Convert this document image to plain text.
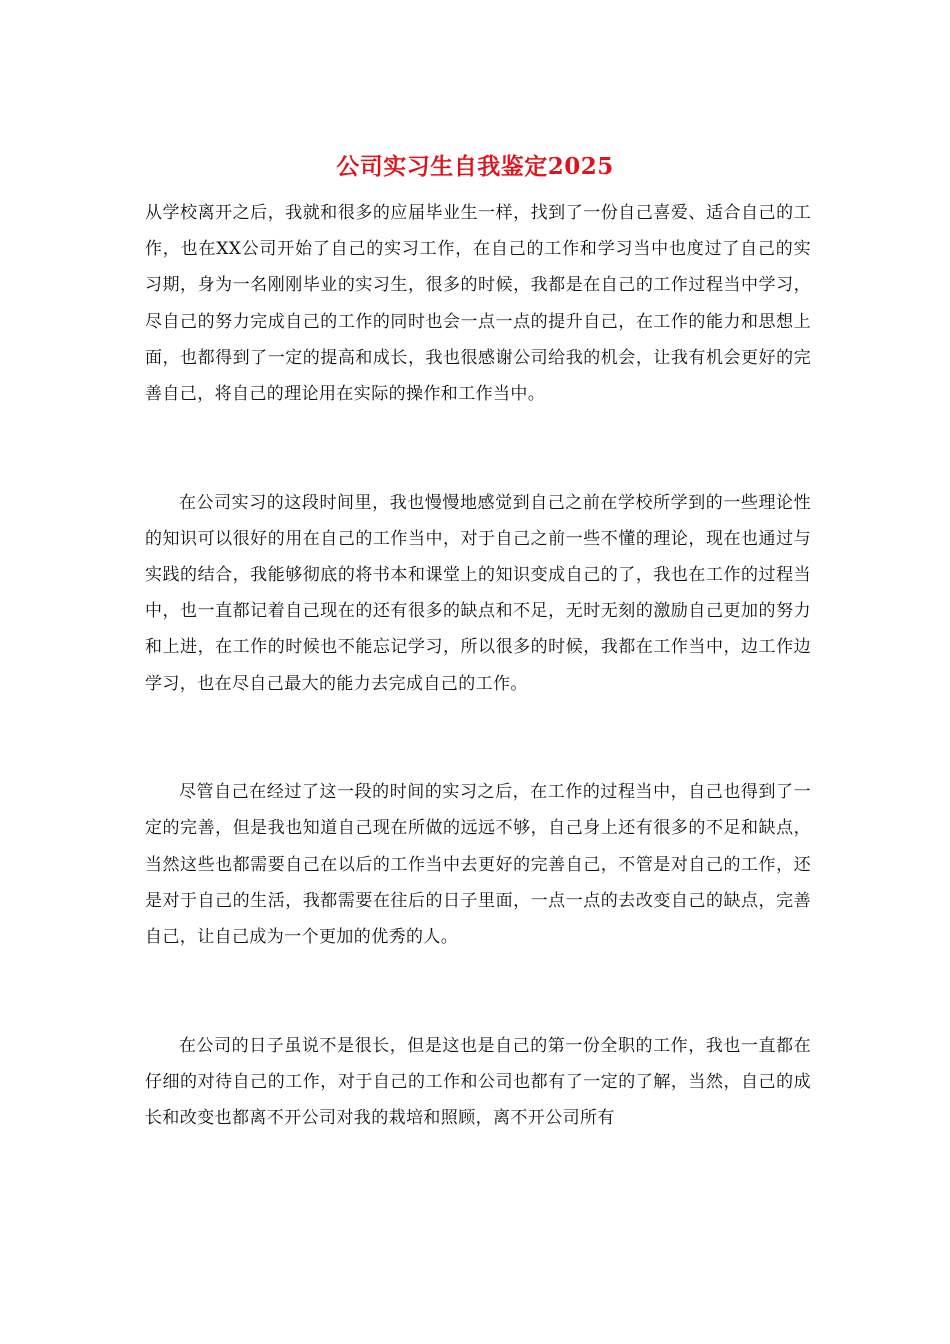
公司实习生自我鉴定2025

从学校离开之后，我就和很多的应届毕业生一样，找到了一份自己喜爱、适合自己的工作，也在XX公司开始了自己的实习工作，在自己的工作和学习当中也度过了自己的实习期，身为一名刚刚毕业的实习生，很多的时候，我都是在自己的工作过程当中学习，尽自己的努力完成自己的工作的同时也会一点一点的提升自己，在工作的能力和思想上面，也都得到了一定的提高和成长，我也很感谢公司给我的机会，让我有机会更好的完善自己，将自己的理论用在实际的操作和工作当中。

在公司实习的这段时间里，我也慢慢地感觉到自己之前在学校所学到的一些理论性的知识可以很好的用在自己的工作当中，对于自己之前一些不懂的理论，现在也通过与实践的结合，我能够彻底的将书本和课堂上的知识变成自己的了，我也在工作的过程当中，也一直都记着自己现在的还有很多的缺点和不足，无时无刻的激励自己更加的努力和上进，在工作的时候也不能忘记学习，所以很多的时候，我都在工作当中，边工作边学习，也在尽自己最大的能力去完成自己的工作。

尽管自己在经过了这一段的时间的实习之后，在工作的过程当中，自己也得到了一定的完善，但是我也知道自己现在所做的远远不够，自己身上还有很多的不足和缺点，当然这些也都需要自己在以后的工作当中去更好的完善自己，不管是对自己的工作，还是对于自己的生活，我都需要在往后的日子里面，一点一点的去改变自己的缺点，完善自己，让自己成为一个更加的优秀的人。

在公司的日子虽说不是很长，但是这也是自己的第一份全职的工作，我也一直都在仔细的对待自己的工作，对于自己的工作和公司也都有了一定的了解，当然，自己的成长和改变也都离不开公司对我的栽培和照顾，离不开公司所有
